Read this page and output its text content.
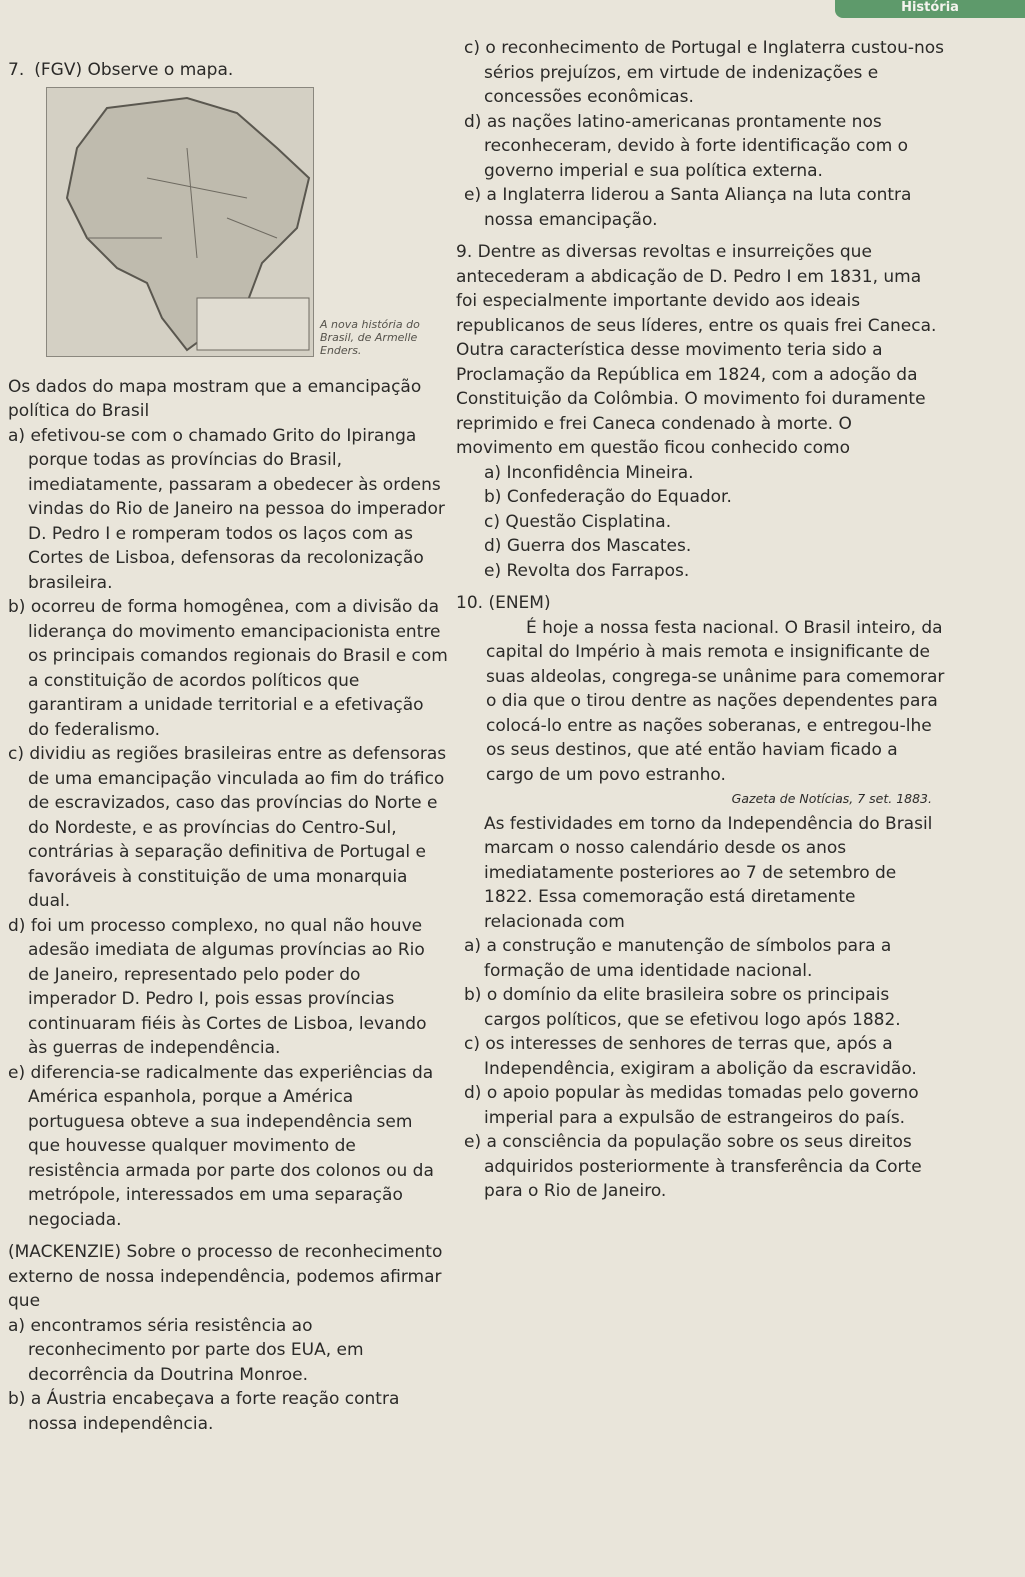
História
7. (FGV) Observe o mapa.
A nova história do Brasil, de Armelle Enders.

Os dados do mapa mostram que a emancipação política do Brasil

a) efetivou-se com o chamado Grito do Ipiranga porque todas as províncias do Brasil, imediatamente, passaram a obedecer às ordens vindas do Rio de Janeiro na pessoa do imperador D. Pedro I e romperam todos os laços com as Cortes de Lisboa, defensoras da recolonização brasileira.

b) ocorreu de forma homogênea, com a divisão da liderança do movimento emancipacionista entre os principais comandos regionais do Brasil e com a constituição de acordos políticos que garantiram a unidade territorial e a efetivação do federalismo.

c) dividiu as regiões brasileiras entre as defensoras de uma emancipação vinculada ao fim do tráfico de escravizados, caso das províncias do Norte e do Nordeste, e as províncias do Centro-Sul, contrárias à separação definitiva de Portugal e favoráveis à constituição de uma monarquia dual.

d) foi um processo complexo, no qual não houve adesão imediata de algumas províncias ao Rio de Janeiro, representado pelo poder do imperador D. Pedro I, pois essas províncias continuaram fiéis às Cortes de Lisboa, levando às guerras de independência.

e) diferencia-se radicalmente das experiências da América espanhola, porque a América portuguesa obteve a sua independência sem que houvesse qualquer movimento de resistência armada por parte dos colonos ou da metrópole, interessados em uma separação negociada.

(MACKENZIE) Sobre o processo de reconhecimento externo de nossa independência, podemos afirmar que

a) encontramos séria resistência ao reconhecimento por parte dos EUA, em decorrência da Doutrina Monroe.

b) a Áustria encabeçava a forte reação contra nossa independência.

c) o reconhecimento de Portugal e Inglaterra custou-nos sérios prejuízos, em virtude de indenizações e concessões econômicas.

d) as nações latino-americanas prontamente nos reconheceram, devido à forte identificação com o governo imperial e sua política externa.

e) a Inglaterra liderou a Santa Aliança na luta contra nossa emancipação.

9. Dentre as diversas revoltas e insurreições que antecederam a abdicação de D. Pedro I em 1831, uma foi especialmente importante devido aos ideais republicanos de seus líderes, entre os quais frei Caneca. Outra característica desse movimento teria sido a Proclamação da República em 1824, com a adoção da Constituição da Colômbia. O movimento foi duramente reprimido e frei Caneca condenado à morte. O movimento em questão ficou conhecido como

a) Inconfidência Mineira.

b) Confederação do Equador.

c) Questão Cisplatina.

d) Guerra dos Mascates.

e) Revolta dos Farrapos.

10. (ENEM)

É hoje a nossa festa nacional. O Brasil inteiro, da capital do Império à mais remota e insignificante de suas aldeolas, congrega-se unânime para comemorar o dia que o tirou dentre as nações dependentes para colocá-lo entre as nações soberanas, e entregou-lhe os seus destinos, que até então haviam ficado a cargo de um povo estranho.

Gazeta de Notícias, 7 set. 1883.

As festividades em torno da Independência do Brasil marcam o nosso calendário desde os anos imediatamente posteriores ao 7 de setembro de 1822. Essa comemoração está diretamente relacionada com

a) a construção e manutenção de símbolos para a formação de uma identidade nacional.

b) o domínio da elite brasileira sobre os principais cargos políticos, que se efetivou logo após 1882.

c) os interesses de senhores de terras que, após a Independência, exigiram a abolição da escravidão.

d) o apoio popular às medidas tomadas pelo governo imperial para a expulsão de estrangeiros do país.

e) a consciência da população sobre os seus direitos adquiridos posteriormente à transferência da Corte para o Rio de Janeiro.
